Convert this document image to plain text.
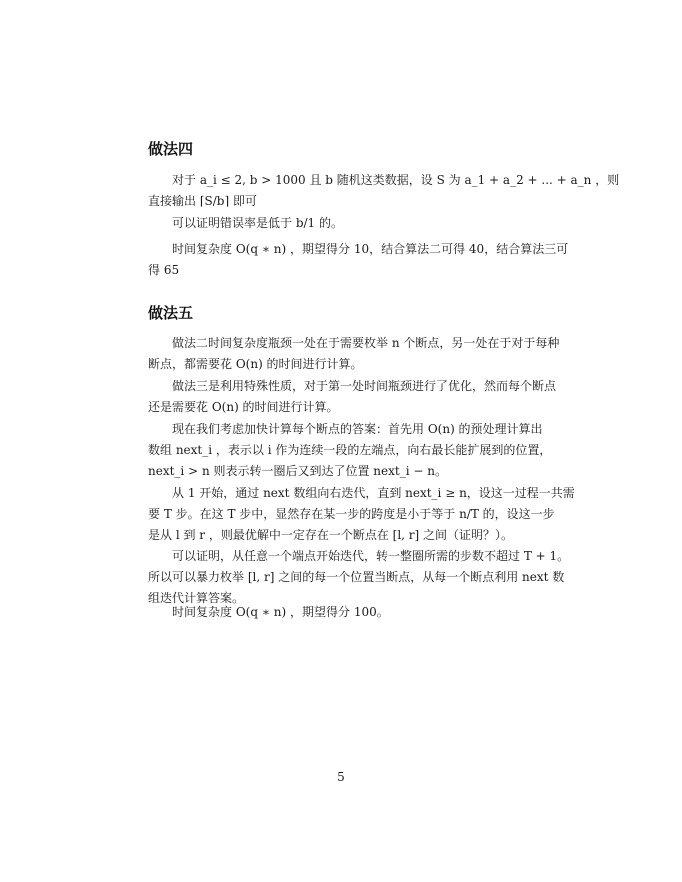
做法四
对于 a_i ≤ 2, b > 1000 且 b 随机这类数据，设 S 为 a_1 + a_2 + ... + a_n ，则
直接输出 ⌈S/b⌉ 即可
可以证明错误率是低于 b/1 的。
时间复杂度 O(q ∗ n) ，期望得分 10，结合算法二可得 40，结合算法三可
得 65
做法五
做法二时间复杂度瓶颈一处在于需要枚举 n 个断点，另一处在于对于每种
断点，都需要花 O(n) 的时间进行计算。
做法三是利用特殊性质，对于第一处时间瓶颈进行了优化，然而每个断点
还是需要花 O(n) 的时间进行计算。
现在我们考虑加快计算每个断点的答案：首先用 O(n) 的预处理计算出
数组 next_i ，表示以 i 作为连续一段的左端点，向右最长能扩展到的位置，
next_i > n 则表示转一圈后又到达了位置 next_i − n。
从 1 开始，通过 next 数组向右迭代，直到 next_i ≥ n，设这一过程一共需
要 T 步。在这 T 步中，显然存在某一步的跨度是小于等于 n/T 的，设这一步
是从 l 到 r ，则最优解中一定存在一个断点在 [l, r] 之间（证明？）。
可以证明，从任意一个端点开始迭代，转一整圈所需的步数不超过 T + 1。
所以可以暴力枚举 [l, r] 之间的每一个位置当断点，从每一个断点利用 next 数
组迭代计算答案。
时间复杂度 O(q ∗ n) ，期望得分 100。
5
